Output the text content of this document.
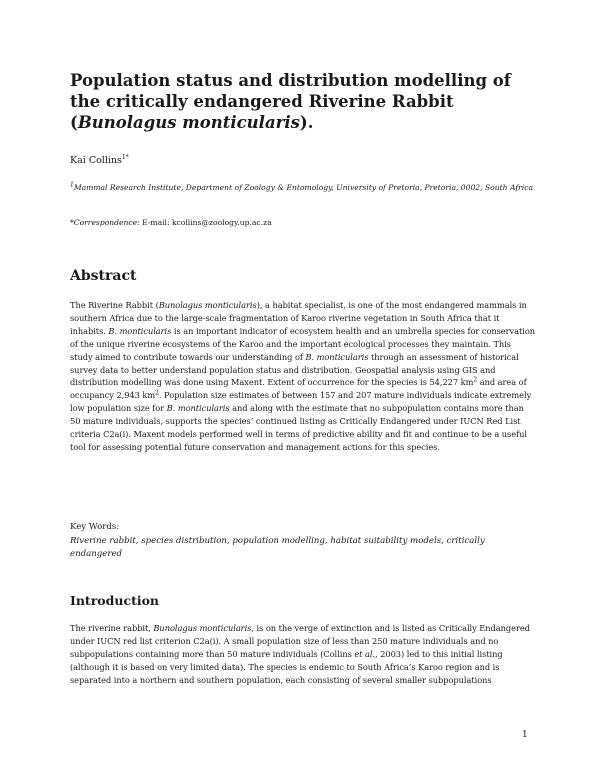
Population status and distribution modelling of the critically endangered Riverine Rabbit (Bunolagus monticularis).
Kai Collins$^{1*}$
$^1$Mammal Research Institute, Department of Zoology & Entomology, University of Pretoria, Pretoria, 0002, South Africa
*Correspondence: E-mail: kcollins@zoology.up.ac.za
Abstract

The Riverine Rabbit (Bunolagus monticularis), a habitat specialist, is one of the most endangered mammals in southern Africa due to the large-scale fragmentation of Karoo riverine vegetation in South Africa that it inhabits. B. monticularis is an important indicator of ecosystem health and an umbrella species for conservation of the unique riverine ecosystems of the Karoo and the important ecological processes they maintain. This study aimed to contribute towards our understanding of B. monticularis through an assessment of historical survey data to better understand population status and distribution. Geospatial analysis using GIS and distribution modelling was done using Maxent. Extent of occurrence for the species is 54,227 $km^2$ and area of occupancy 2,943 $km^2$. Population size estimates of between 157 and 207 mature individuals indicate extremely low population size for B. monticularis and along with the estimate that no subpopulation contains more than 50 mature individuals, supports the species’ continued listing as Critically Endangered under IUCN Red List criteria C2a(i). Maxent models performed well in terms of predictive ability and fit and continue to be a useful tool for assessing potential future conservation and management actions for this species.

Key Words:
Riverine rabbit, species distribution, population modelling, habitat suitability models, critically endangered
Introduction

The riverine rabbit, Bunolagus monticularis, is on the verge of extinction and is listed as Critically Endangered under IUCN red list criterion C2a(i). A small population size of less than 250 mature individuals and no subpopulations containing more than 50 mature individuals (Collins et al., 2003) led to this initial listing (although it is based on very limited data). The species is endemic to South Africa’s Karoo region and is separated into a northern and southern population, each consisting of several smaller subpopulations

1
